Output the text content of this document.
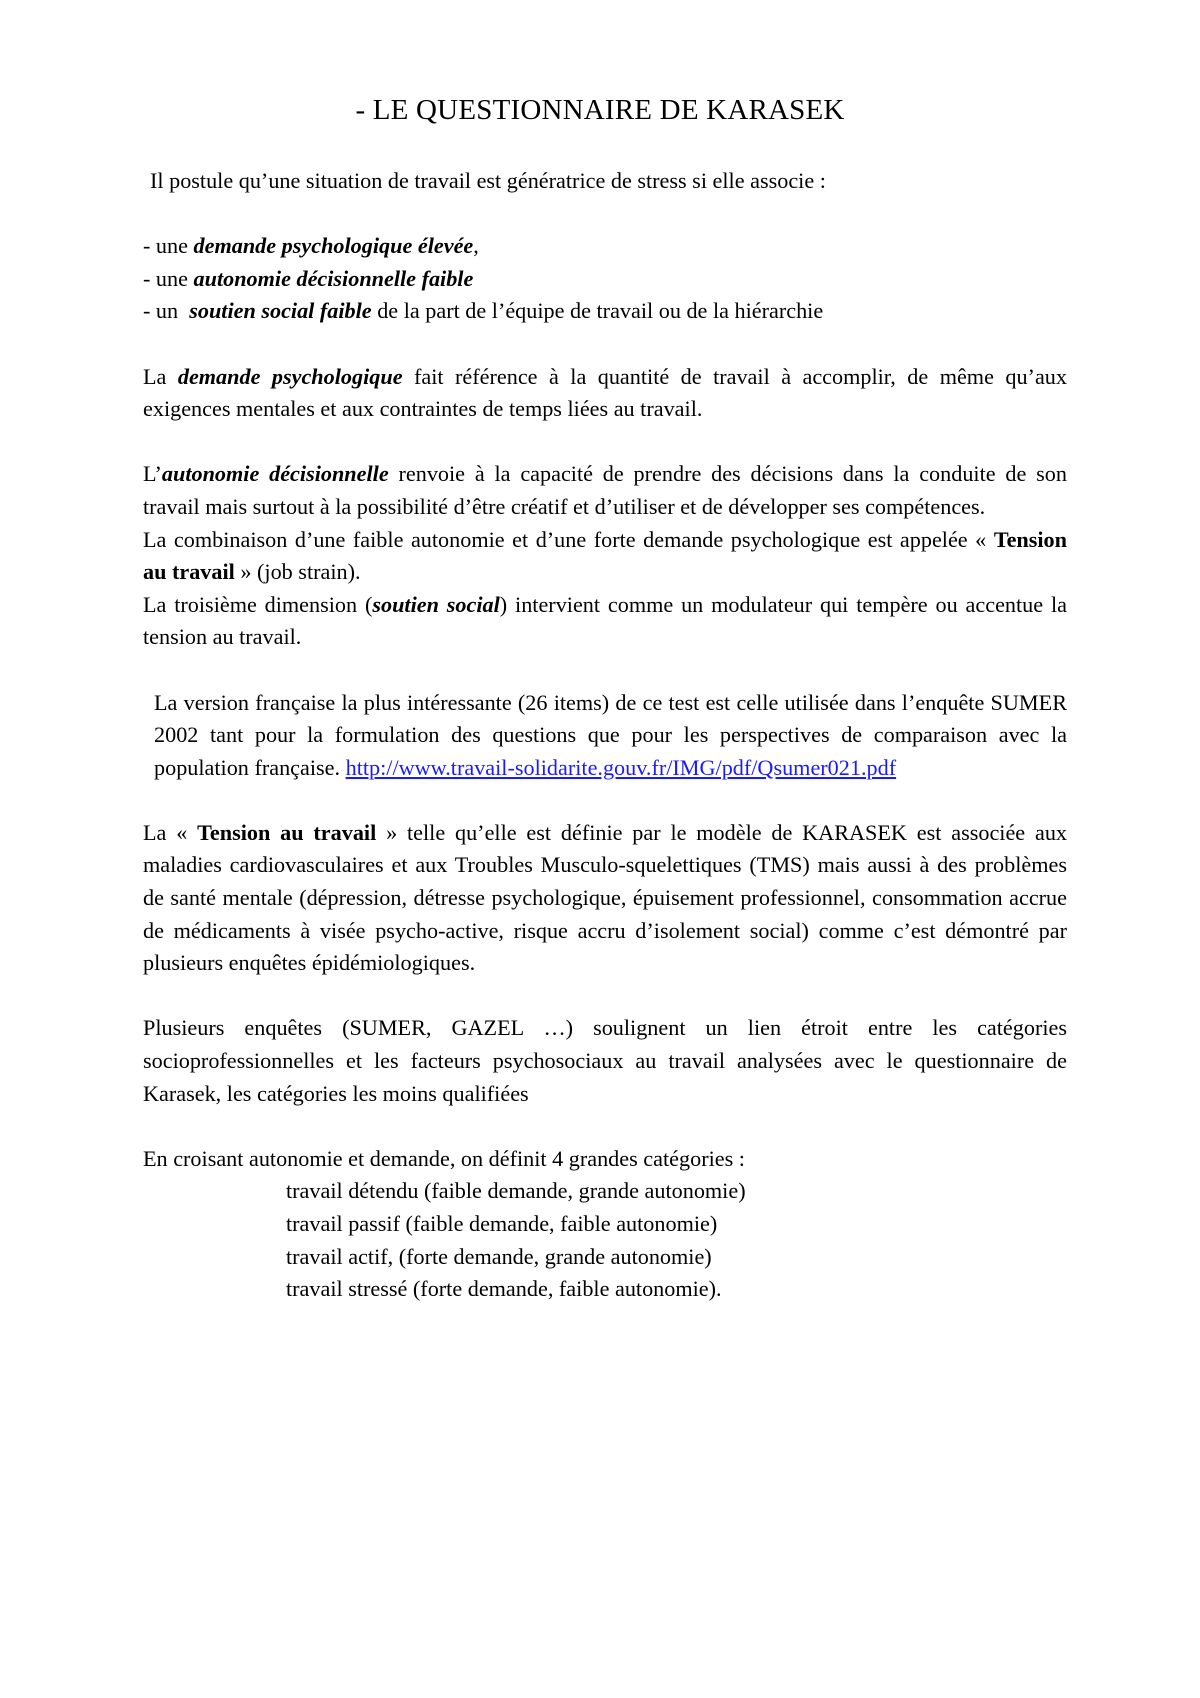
- LE QUESTIONNAIRE DE KARASEK

Il postule qu’une situation de travail est génératrice de stress si elle associe :

- une demande psychologique élevée,

- une autonomie décisionnelle faible

- un  soutien social faible de la part de l’équipe de travail ou de la hiérarchie

La demande psychologique fait référence à la quantité de travail à accomplir, de même qu’aux exigences mentales et aux contraintes de temps liées au travail.

L’autonomie décisionnelle renvoie à la capacité de prendre des décisions dans la conduite de son travail mais surtout à la possibilité d’être créatif et d’utiliser et de développer ses compétences.

La combinaison d’une faible autonomie et d’une forte demande psychologique est appelée « Tension au travail » (job strain).

La troisième dimension (soutien social) intervient comme un modulateur qui tempère ou accentue la tension au travail.

La version française la plus intéressante (26 items) de ce test est celle utilisée dans l’enquête SUMER 2002 tant pour la formulation des questions que pour les perspectives de comparaison avec la population française. http://www.travail-solidarite.gouv.fr/IMG/pdf/Qsumer021.pdf

La « Tension au travail » telle qu’elle est définie par le modèle de KARASEK est associée aux maladies cardiovasculaires et aux Troubles Musculo-squelettiques (TMS) mais aussi à des problèmes de santé mentale (dépression, détresse psychologique, épuisement professionnel, consommation accrue de médicaments à visée psycho-active, risque accru d’isolement social) comme c’est démontré par plusieurs enquêtes épidémiologiques.

Plusieurs enquêtes (SUMER, GAZEL …) soulignent un lien étroit entre les catégories socioprofessionnelles et les facteurs psychosociaux au travail analysées avec le questionnaire de Karasek, les catégories les moins qualifiées

En croisant autonomie et demande, on définit 4 grandes catégories :

travail détendu (faible demande, grande autonomie)

travail passif (faible demande, faible autonomie)

travail actif, (forte demande, grande autonomie)

travail stressé (forte demande, faible autonomie).
